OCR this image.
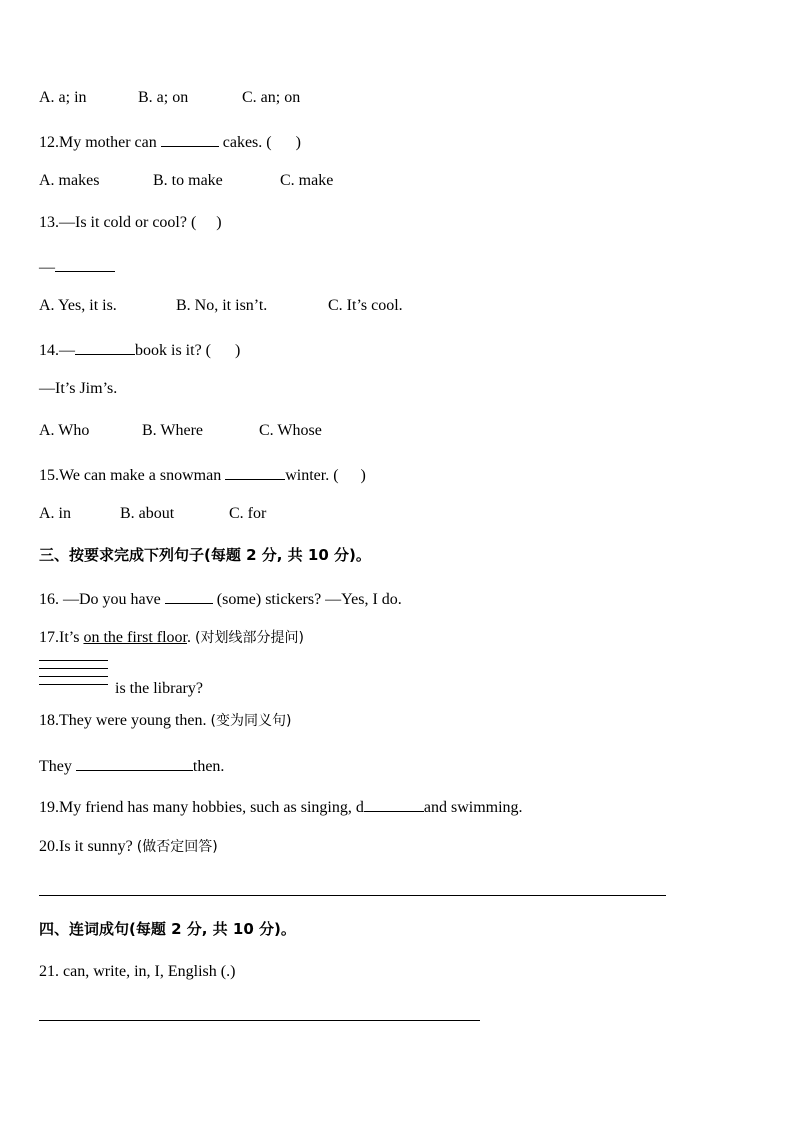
A. a; in	B. a; on	C. an; on
12.My mother can	cakes. ( )
A. makes	B. to make	C. make
13.—Is it cold or cool? ( )
—
A. Yes, it is.	B. No, it isn’t.	C. It’s cool.
14.—	book is it? ( )
—It’s Jim’s.
A. Who	B. Where	C. Whose
15.We can make a snowman	winter. ( )
A. in	B. about	C. for
三、按要求完成下列句子(每题 2 分, 共 10 分)。
16. —Do you have	(some) stickers? —Yes, I do.
17.It’s on the first floor. (对划线部分提问)
is the library?
18.They were young then. (变为同义句)
They	then.
19.My friend has many hobbies, such as singing, d	and swimming.
20.Is it sunny? (做否定回答)
四、连词成句(每题 2 分, 共 10 分)。
21. can, write, in, I, English (.)
